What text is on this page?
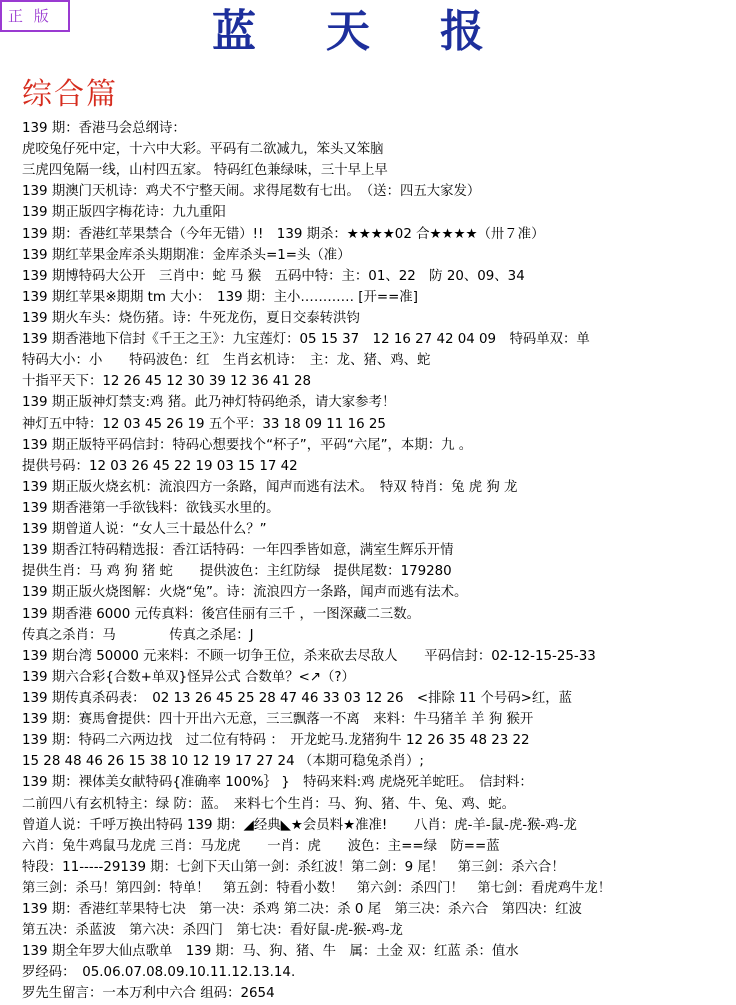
正 版	蓝 天 报
综合篇
139 期：香港马会总纲诗：
虎咬兔仔死中定，十六中大彩。平码有二欲减九，笨头又笨脑
三虎四兔隔一线，山村四五家。 特码红色兼绿味，三十早上早
139 期澳门天机诗：鸡犬不宁整天闹。求得尾数有七出。　（送：四五大家发）
139 期正版四字梅花诗：九九重阳
139 期：香港红苹果禁合（今年无错）!!　139 期杀：★★★★02 合★★★★（卅７准）
139 期红苹果金库杀头期期准：金库杀头=1=头（准）
139 期博特码大公开　三肖中：蛇 马 猴　五码中特：主：01、22　防 20、09、34
139 期红苹果※期期 tm 大小：　139 期：主小………… [开==准]
139 期火车头：烧伤猪。诗：牛死龙伤，夏日交泰转洪钧
139 期香港地下信封《千王之王》：九宝莲灯：05 15 37　12 16 27 42 04 09　特码单双：单
特码大小：小　　特码波色：红　生肖玄机诗：　主：龙、猪、鸡、蛇
十指平天下：12 26 45 12 30 39 12 36 41 28
139 期正版神灯禁支:鸡 猪。此乃神灯特码绝杀，请大家参考！
神灯五中特：12 03 45 26 19 五个平：33 18 09 11 16 25
139 期正版特平码信封：特码心想要找个“杯子”，平码“六尾”，本期：九 。
提供号码：12 03 26 45 22 19 03 15 17 42
139 期正版火烧玄机：流浪四方一条路，闻声而逃有法术。　特双 特肖：兔 虎 狗 龙
139 期香港第一手欲钱料：欲钱买水里的。
139 期曾道人说：“女人三十最怂什么？”
139 期香江特码精选报：香江话特码：一年四季皆如意，满室生辉乐开情
提供生肖：马 鸡 狗 猪 蛇　　提供波色：主红防绿　提供尾数：179280
139 期正版火烧图解：火烧“兔”。诗：流浪四方一条路，闻声而逃有法术。
139 期香港 6000 元传真料：後宫佳丽有三千 ，一图深藏二三数。
传真之杀肖：马　　　　传真之杀尾：J
139 期台湾 50000 元来料：不顾一切争王位，杀来砍去尽敌人　　平码信封：02-12-15-25-33
139 期六合彩{合数+单双}怪异公式 合数单？<↗（?）
139 期传真杀码表：　02 13 26 45 25 28 47 46 33 03 12 26　<排除 11 个号码>红，蓝
139 期：赛馬會提供：四十开出六无意，三三飘落一不离　来料：牛马猪羊 羊 狗 猴开
139 期：特码二六两边找　过二位有特码 ：　开龙蛇马.龙猪狗牛 12 26 35 48 23 22
15 28 48 46 26 15 38 10 12 19 17 27 24 （本期可稳兔杀肖）;
139 期：裸体美女献特码{准确率 100%｝ }　特码来料:鸡 虎烧死羊蛇旺。　信封料：
二前四八有玄机特主：绿 防：蓝。　来料七个生肖：马、狗、猪、牛、兔、鸡、蛇。
曾道人说：千呼万换出特码 139 期：◢经典◣★会员料★准准!　　八肖：虎-羊-鼠-虎-猴-鸡-龙
六肖：兔牛鸡鼠马龙虎 三肖：马龙虎　　一肖：虎　　波色：主==绿　防==蓝
特段：11-----29139 期：七剑下天山第一剑：杀红波！第二剑：9 尾！　第三剑：杀六合！
第三剑：杀马！第四剑：特单！　第五剑：特看小数！　第六剑：杀四门！　第七剑：看虎鸡牛龙！
139 期：香港红苹果特七决　第一决：杀鸡 第二决：杀 0 尾　第三决：杀六合　第四决：红波
第五决：杀蓝波　第六决：杀四门　第七决：看好鼠-虎-猴-鸡-龙
139 期全年罗大仙点歌单　139 期：马、狗、猪、牛　属：土金 双：红蓝 杀：值水
罗经码：　05.06.07.08.09.10.11.12.13.14.
罗先生留言：一本万利中六合 组码：2654
